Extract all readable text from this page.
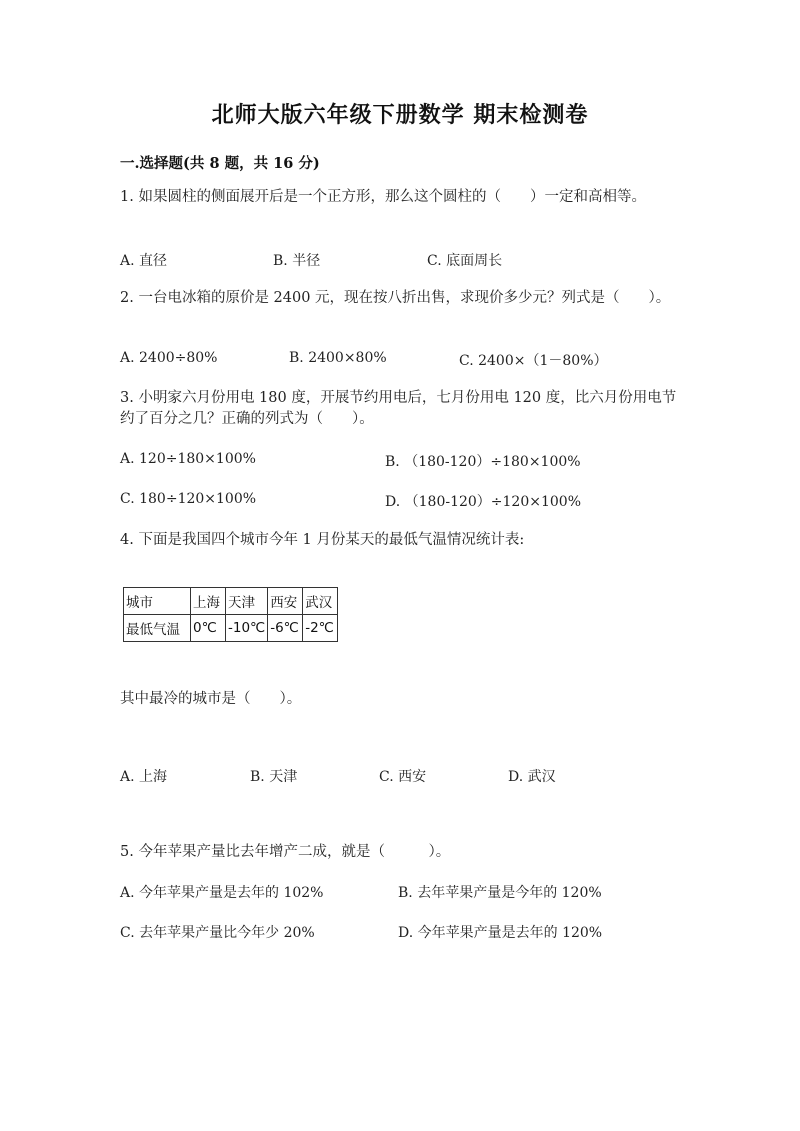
北师大版六年级下册数学 期末检测卷
一.选择题(共 8 题，共 16 分)
1. 如果圆柱的侧面展开后是一个正方形，那么这个圆柱的（　　）一定和高相等。
A. 直径	B. 半径	C. 底面周长
2. 一台电冰箱的原价是 2400 元，现在按八折出售，求现价多少元？列式是（　　）。
A. 2400÷80%	B. 2400×80%	C. 2400×（1－80%）
3. 小明家六月份用电 180 度，开展节约用电后，七月份用电 120 度，比六月份用电节约了百分之几？正确的列式为（　　）。
A. 120÷180×100%	B. （180-120）÷180×100%
C. 180÷120×100%	D. （180-120）÷120×100%
4. 下面是我国四个城市今年 1 月份某天的最低气温情况统计表:
城市	上海	天津	西安	武汉
最低气温	0℃	-10℃	-6℃	-2℃
其中最冷的城市是（　　）。
A. 上海	B. 天津	C. 西安	D. 武汉
5. 今年苹果产量比去年增产二成，就是（　　　）。
A. 今年苹果产量是去年的 102%	B. 去年苹果产量是今年的 120%
C. 去年苹果产量比今年少 20%	D. 今年苹果产量是去年的 120%
